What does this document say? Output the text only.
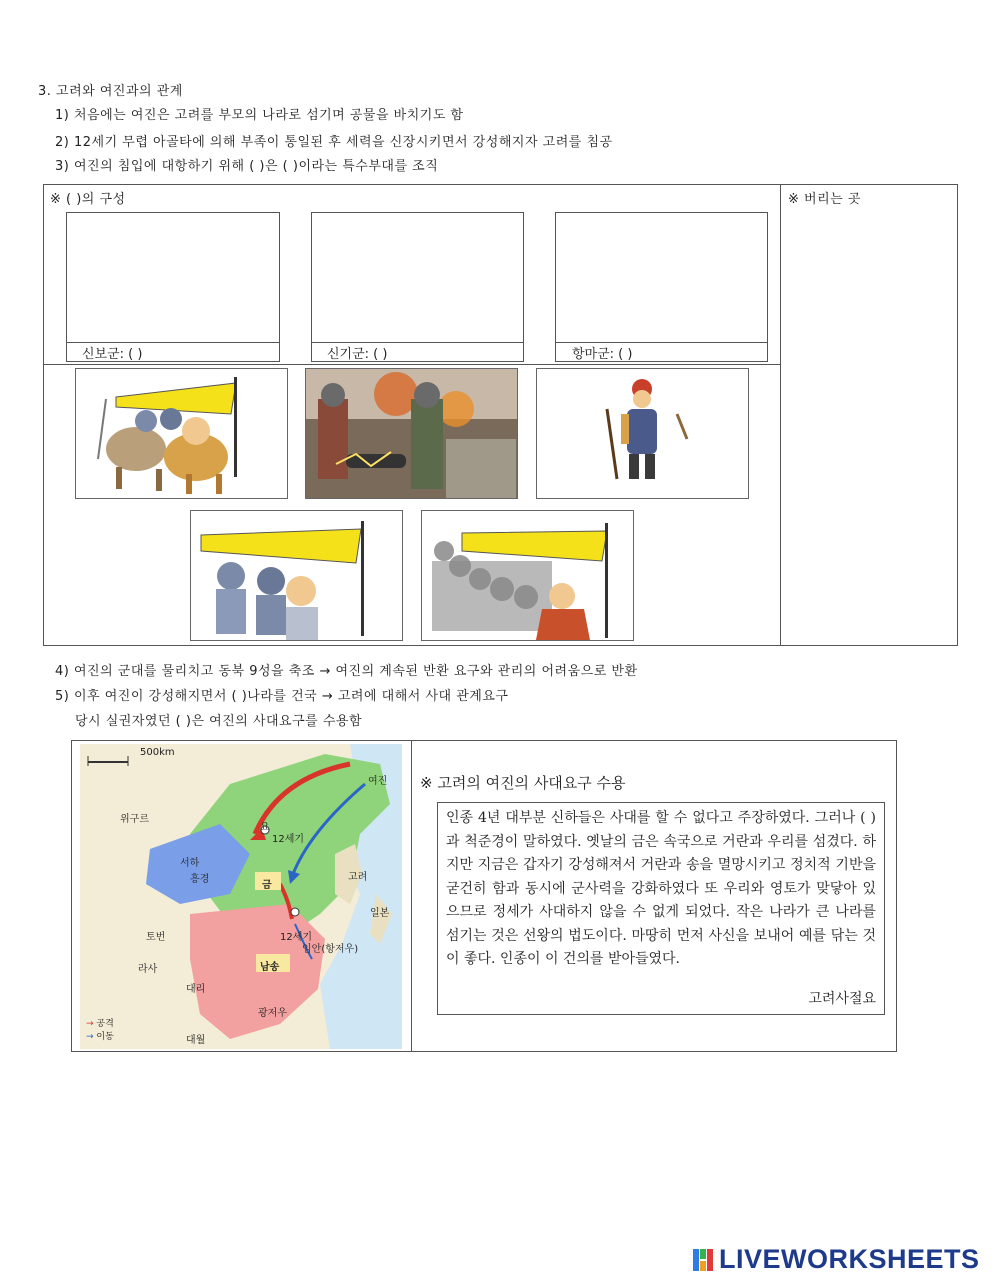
3. 고려와 여진과의 관계
1) 처음에는 여진은 고려를 부모의 나라로 섬기며 공물을 바치기도 함
2) 12세기 무렵 아골타에 의해 부족이 통일된 후 세력을 신장시키면서 강성해지자 고려를 침공
3) 여진의 침입에 대항하기 위해 ( )은 ( )이라는 특수부대를 조직
※ ( )의 구성	※ 버리는 곳
신보군: ( )	신기군: ( )	항마군: ( )
4) 여진의 군대를 물리치고 동북 9성을 축조 → 여진의 계속된 반환 요구와 관리의 어려움으로 반환
5) 이후 여진이 강성해지면서 ( )나라를 건국 → 고려에 대해서 사대 관계요구
당시 실권자였던 ( )은 여진의 사대요구를 수용함
500km
여진
위구르
요
12세기
서하
흥경
금
고려
일본
토번	12세기
임안(항저우)
라사	남송
대리
광저우
대월
→ 공격
→ 이동
※ 고려의 여진의 사대요구 수용
인종 4년 대부분 신하들은 사대를 할 수 없다고 주장하였다. 그러나 ( )과 척준경이 말하였다. 옛날의 금은 속국으로 거란과 우리를 섬겼다. 하지만 지금은 갑자기 강성해져서 거란과 송을 멸망시키고 정치적 기반을 굳건히 함과 동시에 군사력을 강화하였다 또 우리와 영토가 맞닿아 있으므로 정세가 사대하지 않을 수 없게 되었다. 작은 나라가 큰 나라를 섬기는 것은 선왕의 법도이다. 마땅히 먼저 사신을 보내어 예를 닦는 것이 좋다. 인종이 이 건의를 받아들였다.
고려사절요
LIVEWORKSHEETS
